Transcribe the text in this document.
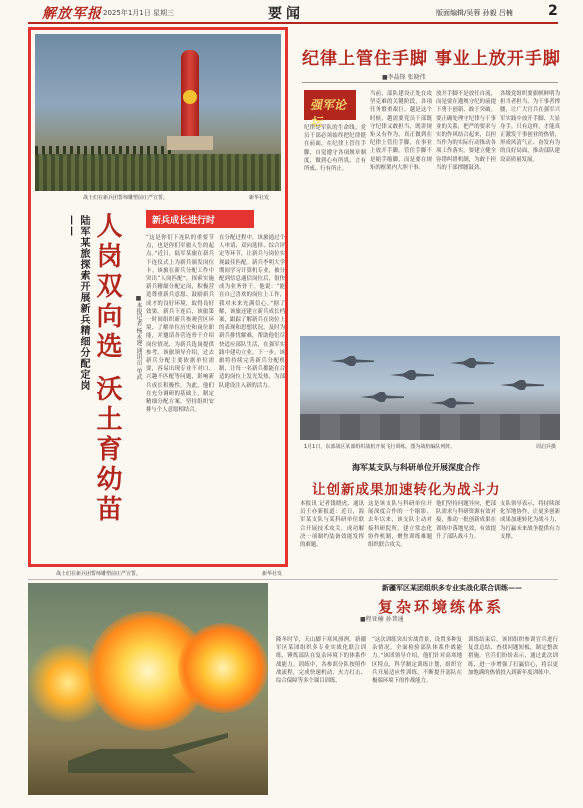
解放军报 2025年1月1日 星期三	要闻	版面编辑/吴蓉 孙毅 吕楠	2
战士们在新兵团誓师雕塑前庄严宣誓。	新华社发
陆军某旅探索开展新兵精细分配定岗—— 人岗双向选 沃土育幼苗	■本报记者 杨永建 通讯员 单武
新兵成长进行时
“这是你们下连队的重要节点，也是你们军旅人生的起点。”近日，陆军某旅在新兵下连仪式上为新兵颁发岗位卡。该旅在新兵分配工作中突出“人岗匹配”，探索实施新兵精细分配定岗，积极营造尊重新兵意愿、鼓励新兵成才的良好环境，取得良好效果。新兵下连后，该旅第一时间组织新兵参观营区环境、了解单位历史和岗位职能，并邀请各营连骨干介绍岗位情况，为新兵选岗提供参考。该旅领导介绍，过去新兵分配主要依据单位需要，容易出现专业不对口、兴趣不匹配等问题，影响新兵成长积极性。为此，他们在充分调研的基础上，制定精细分配方案，坚持组织安排与个人意愿相结合。
在分配过程中，该旅通过个人申请、双向选择、综合评定等环节，让新兵与岗位实现最佳匹配。新兵李明大学期间学习计算机专业，被分配到信息通信岗位后，很快成为业务骨干。他说：“能在自己喜欢的岗位上工作，我对未来充满信心。”据了解，该旅还建立新兵成长档案，跟踪了解新兵在岗位上的表现和思想状况，及时为新兵排忧解难，帮助他们尽快适应部队生活，在强军实践中建功立业。下一步，该旅将持续完善新兵分配机制，让每一名新兵都能在合适的岗位上发光发热，为部队建设注入新的活力。
纪律上管住手脚 事业上放开手脚
■李晶锋 张晓伟
强军论坛
纪律是军队的生命线。党员干部必须始终把纪律挺在前面，在纪律上管住手脚，自觉遵守各项规章制度，做到心有所畏、言有所戒、行有所止。
当前，部队建设正处在攻坚克难的关键阶段，各项任务繁重艰巨。越是这个时候，越需要党员干部既守纪律又敢担当，既讲规矩又有作为，真正做到在纪律上管住手脚，在事业上放开手脚。管住手脚不是缩手缩脚，而是要在规矩的框架内大胆干事。
放开手脚不是放任自流，而是要在遵规守纪的前提下勇于创新、敢于突破。要正确处理守纪律与干事业的关系，把严的要求与实的作风结合起来，以担当作为的实际行动推动各项工作落实。要建立健全容错纠错机制，为敢于担当的干部撑腰鼓劲。
各级党组织要旗帜鲜明为担当者担当、为干事者撑腰，让广大官兵在强军兴军实践中放开手脚、大显身手。只有这样，才能真正激发干事创业的热情，形成风清气正、奋发有为的良好局面，推动部队建设高质量发展。
1月1日，东部战区某部组织战机开展飞行训练。图为战机编队列阵。	周启兵摄
海军某支队与科研单位开展深度合作
让创新成果加速转化为战斗力
本报讯 记者钱晓虎、通讯员王亦新报道：近日，海军某支队与某科研单位联合开展技术攻关，成功解决一项制约装备效能发挥的难题。
这是该支队与科研单位开展深度合作的一个缩影。去年以来，该支队主动对接科研院所，建立常态化协作机制，聚焦训练难题组织联合攻关。
他们坚持问题导向，把部队需求与科研资源有效对接，推动一批创新成果在训练中落地见效，有效提升了部队战斗力。
支队领导表示，将持续深化军地协作，让更多创新成果加速转化为战斗力，为打赢未来战争提供有力支撑。
战士们在新兵团誓师雕塑前庄严宣誓。	新华社发
新疆军区某团组织多专业实战化联合训练——
复杂环境练体系
■程亚楠 孙普通
隆冬时节，天山脚下寒风凛冽。新疆军区某团组织多专业实战化联合训练，锤炼部队在复杂环境下的体系作战能力。训练中，各参训分队按照作战流程，完成快速机动、火力打击、综合保障等多个课目训练。
“这次训练突出实战背景，设置多种复杂情况，全面检验部队体系作战能力。”该团领导介绍，他们针对高寒地区特点，科学制定训练计划，组织官兵开展适应性训练，不断提升部队在极端环境下的作战能力。
训练结束后，该团组织参训官兵进行复盘总结，查找问题短板，制定整改措施。官兵们纷纷表示，通过此次训练，进一步增强了打赢信心，将以更加饱满的热情投入到新年度训练中。
